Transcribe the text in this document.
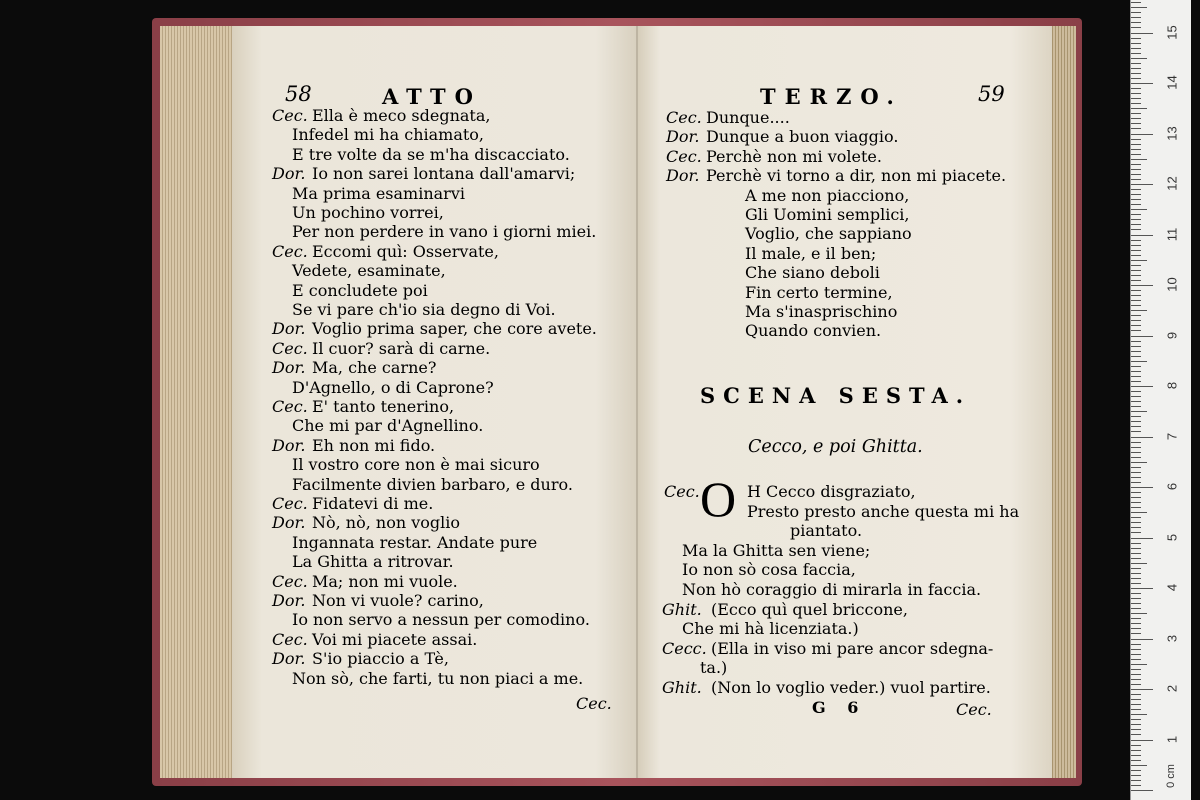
58	ATTO	TERZO.	59
Cec. Ella è meco sdegnata,
Infedel mi ha chiamato,
E tre volte da se m'ha discacciato.
Dor. Io non sarei lontana dall'amarvi;
Ma prima esaminarvi
Un pochino vorrei,
Per non perdere in vano i giorni miei.
Cec. Eccomi quì: Osservate,
Vedete, esaminate,
E concludete poi
Se vi pare ch'io sia degno di Voi.
Dor. Voglio prima saper, che core avete.
Cec. Il cuor? sarà di carne.
Dor. Ma, che carne?
D'Agnello, o di Caprone?
Cec. E' tanto tenerino,
Che mi par d'Agnellino.
Dor. Eh non mi fido.
Il vostro core non è mai sicuro
Facilmente divien barbaro, e duro.
Cec. Fidatevi di me.
Dor. Nò, nò, non voglio
Ingannata restar. Andate pure
La Ghitta a ritrovar.
Cec. Ma; non mi vuole.
Dor. Non vi vuole? carino,
Io non servo a nessun per comodino.
Cec. Voi mi piacete assai.
Dor. S'io piaccio a Tè,
Non sò, che farti, tu non piaci a me.
Cec.
Cec. Dunque....
Dor. Dunque a buon viaggio.
Cec. Perchè non mi volete.
Dor. Perchè vi torno a dir, non mi piacete.
A me non piacciono,
Gli Uomini semplici,
Voglio, che sappiano
Il male, e il ben;
Che siano deboli
Fin certo termine,
Ma s'inasprischino
Quando convien.
SCENA SESTA.
Cecco, e poi Ghitta.
Cec. O H Cecco disgraziato,
Presto presto anche questa mi ha
piantato.
Ma la Ghitta sen viene;
Io non sò cosa faccia,
Non hò coraggio di mirarla in faccia.
Ghit. (Ecco quì quel briccone,
Che mi hà licenziata.)
Cecc. (Ella in viso mi pare ancor sdegna-
ta.)
Ghit. (Non lo voglio veder.) vuol partire.
G 6	Cec.
1
2
3
4
5
6
7
8
9
10
11
12
13
14
15
0 cm
